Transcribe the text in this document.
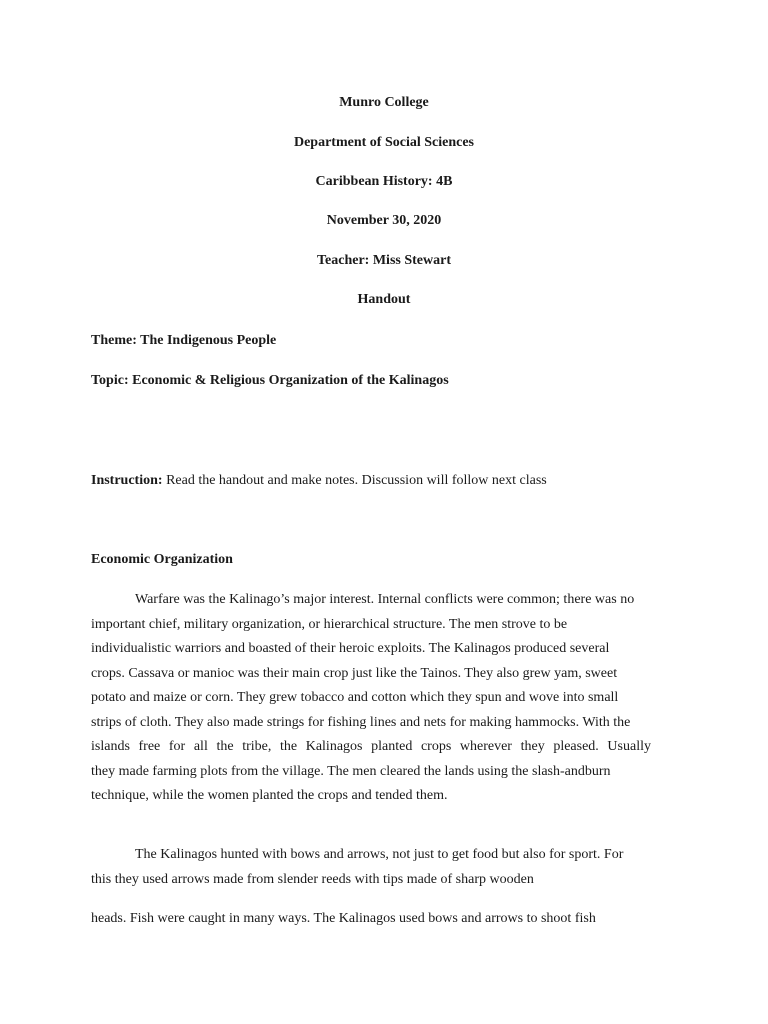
Munro College
Department of Social Sciences
Caribbean History: 4B
November 30, 2020
Teacher: Miss Stewart
Handout
Theme: The Indigenous People
Topic: Economic & Religious Organization of the Kalinagos
Instruction: Read the handout and make notes. Discussion will follow next class
Economic Organization
Warfare was the Kalinago’s major interest. Internal conflicts were common; there was no
important chief, military organization, or hierarchical structure. The men strove to be
individualistic warriors and boasted of their heroic exploits. The Kalinagos produced several
crops. Cassava or manioc was their main crop just like the Tainos. They also grew yam, sweet
potato and maize or corn. They grew tobacco and cotton which they spun and wove into small
strips of cloth. They also made strings for fishing lines and nets for making hammocks. With the
islands free for all the tribe, the Kalinagos planted crops wherever they pleased. Usually
they made farming plots from the village. The men cleared the lands using the slash-andburn
technique, while the women planted the crops and tended them.
The Kalinagos hunted with bows and arrows, not just to get food but also for sport. For
this they used arrows made from slender reeds with tips made of sharp wooden
heads. Fish were caught in many ways. The Kalinagos used bows and arrows to shoot fish
